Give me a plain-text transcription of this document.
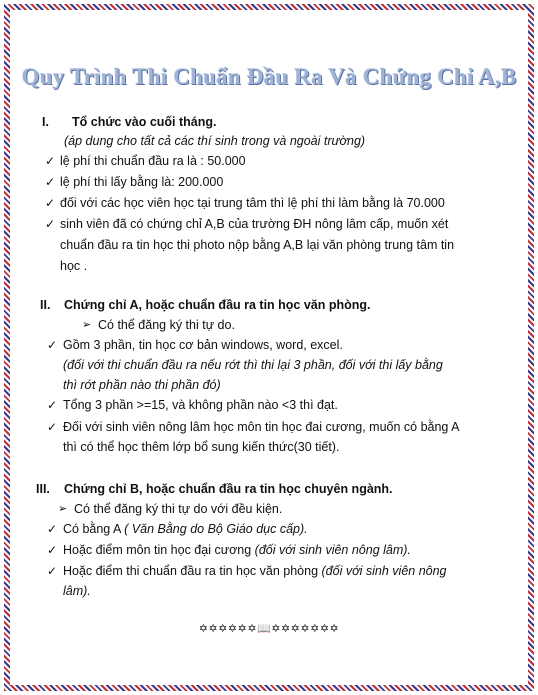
Quy Trình Thi Chuẩn Đầu Ra Và Chứng Chỉ A,B
I. Tổ chức vào cuối tháng.
(áp dung cho tất cả các thí sinh trong và ngoài trường)
✓ lệ phí thi chuẩn đầu ra là : 50.000
✓ lệ phí thi lấy bằng là: 200.000
✓ đối với các học viên học tại trung tâm thì lệ phí thi làm bằng là 70.000
✓ sinh viên đã có chứng chỉ A,B của trường ĐH nông lâm cấp, muốn xét
chuẩn đầu ra tin học thi photo nộp bằng A,B lại văn phòng trung tâm tin
học .
II. Chứng chỉ A, hoặc chuẩn đầu ra tin học văn phòng.
➢ Có thể đăng ký thi tự do.
✓ Gồm 3 phần, tin học cơ bản windows, word, excel.
(đối với thi chuẩn đầu ra nếu rớt thì thi lại 3 phần, đối với thi lấy bằng
thì rớt phần nào thi phần đó)
✓ Tổng 3 phần >=15, và không phần nào <3 thì đạt.
✓ Đối với sinh viên nông lâm học môn tin học đai cương, muốn có bằng A
thì có thể học thêm lớp bổ sung kiến thức(30 tiết).
III. Chứng chỉ B, hoặc chuẩn đầu ra tin học chuyên ngành.
➢ Có thể đăng ký thi tự do với đều kiện.
✓ Có bằng A ( Văn Bằng do Bộ Giáo dục cấp).
✓ Hoặc điểm môn tin học đại cương (đối với sinh viên nông lâm).
✓ Hoặc điểm thi chuẩn đầu ra tin học văn phòng (đối với sinh viên nông
lâm).
✡✡✡✡✡✡📖✡✡✡✡✡✡✡
